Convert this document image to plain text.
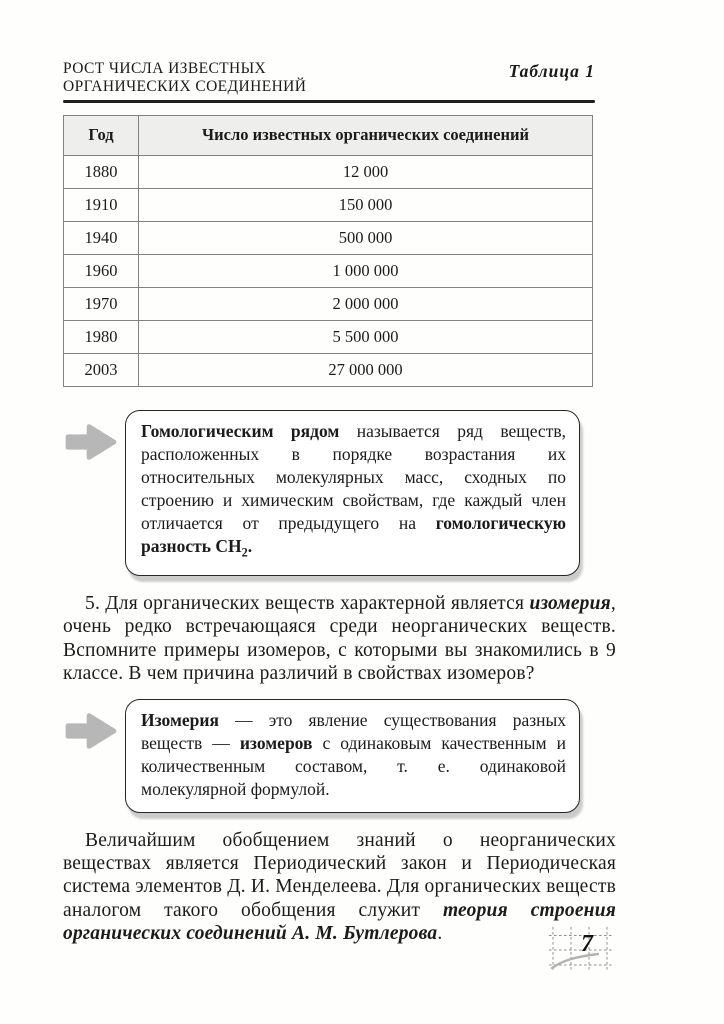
РОСТ ЧИСЛА ИЗВЕСТНЫХ
ОРГАНИЧЕСКИХ СОЕДИНЕНИЙ
Таблица 1
Год	Число известных органических соединений
1880	12 000
1910	150 000
1940	500 000
1960	1 000 000
1970	2 000 000
1980	5 500 000
2003	27 000 000
Гомологическим рядом называется ряд веществ, расположенных в порядке возрастания их относительных молекулярных масс, сходных по строению и химическим свойствам, где каждый член отличается от предыдущего на гомологическую разность $CH_2$.

5. Для органических веществ характерной является изомерия, очень редко встречающаяся среди неорганических веществ. Вспомните примеры изомеров, с которыми вы знакомились в 9 классе. В чем причина различий в свойствах изомеров?

Изомерия — это явление существования разных веществ — изомеров с одинаковым качественным и количественным составом, т. е. одинаковой молекулярной формулой.

Величайшим обобщением знаний о неорганических веществах является Периодический закон и Периодическая система элементов Д. И. Менделеева. Для органических веществ аналогом такого обобщения служит теория строения органических соединений А. М. Бутлерова.	7
